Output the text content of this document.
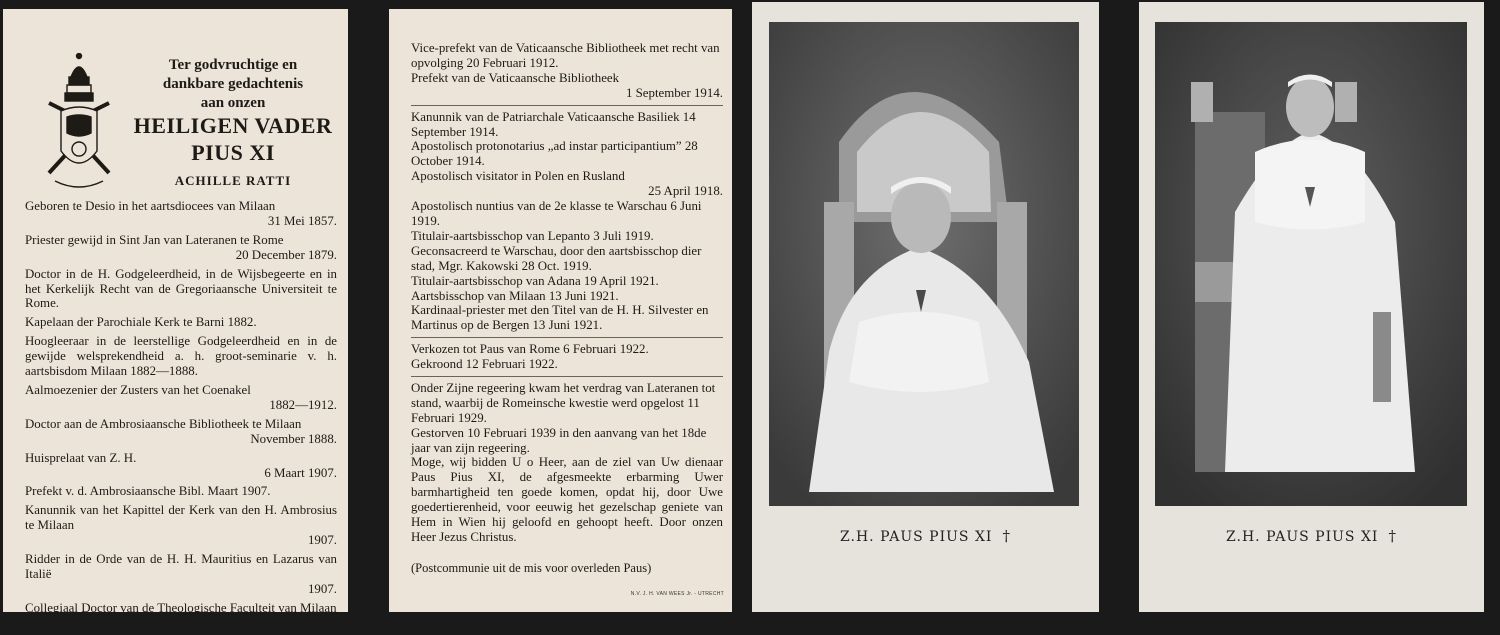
Ter godvruchtige en
dankbare gedachtenis
aan onzen
HEILIGEN VADER
PIUS XI
ACHILLE RATTI
Geboren te Desio in het aartsdiocees van Milaan
31 Mei 1857.
Priester gewijd in Sint Jan van Lateranen te Rome
20 December 1879.
Doctor in de H. Godgeleerdheid, in de Wijsbegeerte en in het Kerkelijk Recht van de Gregoriaansche Universiteit te Rome.
Kapelaan der Parochiale Kerk te Barni 1882.
Hoogleeraar in de leerstellige Godgeleerdheid en in de gewijde welsprekendheid a. h. groot-seminarie v. h. aartsbisdom Milaan 1882—1888.
Aalmoezenier der Zusters van het Coenakel
1882—1912.
Doctor aan de Ambrosiaansche Bibliotheek te Milaan
November 1888.
Huisprelaat van Z. H.
6 Maart 1907.
Prefekt v. d. Ambrosiaansche Bibl. Maart 1907.
Kanunnik van het Kapittel der Kerk van den H. Ambrosius te Milaan
1907.
Ridder in de Orde van de H. H. Mauritius en Lazarus van Italië
1907.
Collegiaal Doctor van de Theologische Faculteit van Milaan
1909.
Vice-prefekt van de Vaticaansche Bibliotheek met recht van opvolging 20 Februari 1912.
Prefekt van de Vaticaansche Bibliotheek
1 September 1914.
Kanunnik van de Patriarchale Vaticaansche Basiliek 14 September 1914.
Apostolisch protonotarius „ad instar participantium” 28 October 1914.
Apostolisch visitator in Polen en Rusland
25 April 1918.
Apostolisch nuntius van de 2e klasse te Warschau 6 Juni 1919.
Titulair-aartsbisschop van Lepanto 3 Juli 1919.
Geconsacreerd te Warschau, door den aartsbisschop dier stad, Mgr. Kakowski 28 Oct. 1919.
Titulair-aartsbisschop van Adana 19 April 1921.
Aartsbisschop van Milaan 13 Juni 1921.
Kardinaal-priester met den Titel van de H. H. Silvester en Martinus op de Bergen 13 Juni 1921.
Verkozen tot Paus van Rome 6 Februari 1922.
Gekroond 12 Februari 1922.
Onder Zijne regeering kwam het verdrag van Lateranen tot stand, waarbij de Romeinsche kwestie werd opgelost 11 Februari 1929.
Gestorven 10 Februari 1939 in den aanvang van het 18de jaar van zijn regeering.
Moge, wij bidden U o Heer, aan de ziel van Uw dienaar Paus Pius XI, de afgesmeekte erbarming Uwer barmhartigheid ten goede komen, opdat hij, door Uwe goedertierenheid, voor eeuwig het gezelschap geniete van Hem in Wien hij geloofd en gehoopt heeft. Door onzen Heer Jezus Christus.
(Postcommunie uit de mis voor overleden Paus)
N.V. J. H. VAN WEES Jr. - UTRECHT
Z.H. PAUS PIUS XI †	Z.H. PAUS PIUS XI †
